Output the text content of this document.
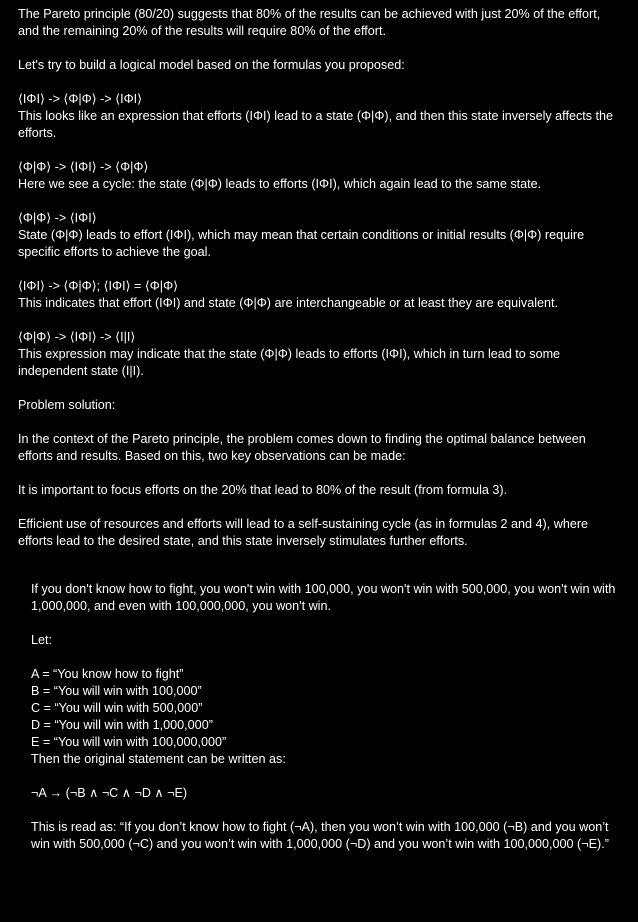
The Pareto principle (80/20) suggests that 80% of the results can be achieved with just 20% of the effort, and the remaining 20% of the results will require 80% of the effort.

Let's try to build a logical model based on the formulas you proposed:

⟨IΦI⟩ -> ⟨Φ|Φ⟩ -> ⟨IΦI⟩
This looks like an expression that efforts (IΦI) lead to a state (Φ|Φ), and then this state inversely affects the efforts.

⟨Φ|Φ⟩ -> ⟨IΦI⟩ -> ⟨Φ|Φ⟩
Here we see a cycle: the state (Φ|Φ) leads to efforts (IΦI), which again lead to the same state.

⟨Φ|Φ⟩ -> ⟨IΦI⟩
State (Φ|Φ) leads to effort (IΦI), which may mean that certain conditions or initial results (Φ|Φ) require specific efforts to achieve the goal.

⟨IΦI⟩ -> ⟨Φ|Φ⟩; ⟨IΦI⟩ = ⟨Φ|Φ⟩
This indicates that effort (IΦI) and state (Φ|Φ) are interchangeable or at least they are equivalent.

⟨Φ|Φ⟩ -> ⟨IΦI⟩ -> ⟨I|I⟩
This expression may indicate that the state (Φ|Φ) leads to efforts (IΦI), which in turn lead to some independent state (I|I).

Problem solution:

In the context of the Pareto principle, the problem comes down to finding the optimal balance between efforts and results. Based on this, two key observations can be made:

It is important to focus efforts on the 20% that lead to 80% of the result (from formula 3).

Efficient use of resources and efforts will lead to a self-sustaining cycle (as in formulas 2 and 4), where efforts lead to the desired state, and this state inversely stimulates further efforts.

If you don't know how to fight, you won't win with 100,000, you won't win with 500,000, you won't win with 1,000,000, and even with 100,000,000, you won't win.

Let:

A = “You know how to fight”
B = “You will win with 100,000”
C = “You will win with 500,000”
D = “You will win with 1,000,000”
E = “You will win with 100,000,000”
Then the original statement can be written as:

¬A → (¬B ∧ ¬C ∧ ¬D ∧ ¬E)

This is read as: “If you don’t know how to fight (¬A), then you won’t win with 100,000 (¬B) and you won’t win with 500,000 (¬C) and you won’t win with 1,000,000 (¬D) and you won’t win with 100,000,000 (¬E).”
